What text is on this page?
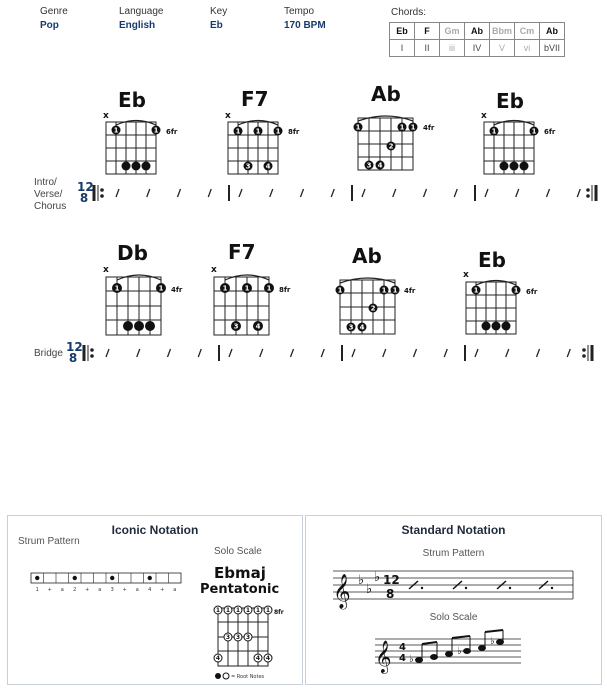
Genre
Pop
Language
English
Key
Eb
Tempo
170 BPM
Chords:
Eb	F	Gm	Ab	Bbm	Cm	Ab
I	II	iii	IV	V	vi	bVII
Eb	F7	Ab	Eb
x
1	1 6fr
x
1 1 1
3 4
8fr
1	1 1
2
3 4
4fr
x
1	1 6fr
Intro/
Verse/
Chorus
12
8
Db	F7	Ab	Eb
x
1	1 4fr
x
1 1 1
3 4
8fr	1	1 1
2
3 4
4fr
x
1	1 6fr
Bridge 12
8
Iconic Notation
Strum Pattern
1 + a 2 + a 3 + a 4 + a
Solo Scale
Ebmaj
Pentatonic
1 1 1 1 1 1
3 3 3
4	4 4
8fr
= Root Notes
Standard Notation
Strum Pattern
𝄞 ♭
♭
♭ 12
8
Solo Scale
𝄞 4
4 ♭
♭
♭
